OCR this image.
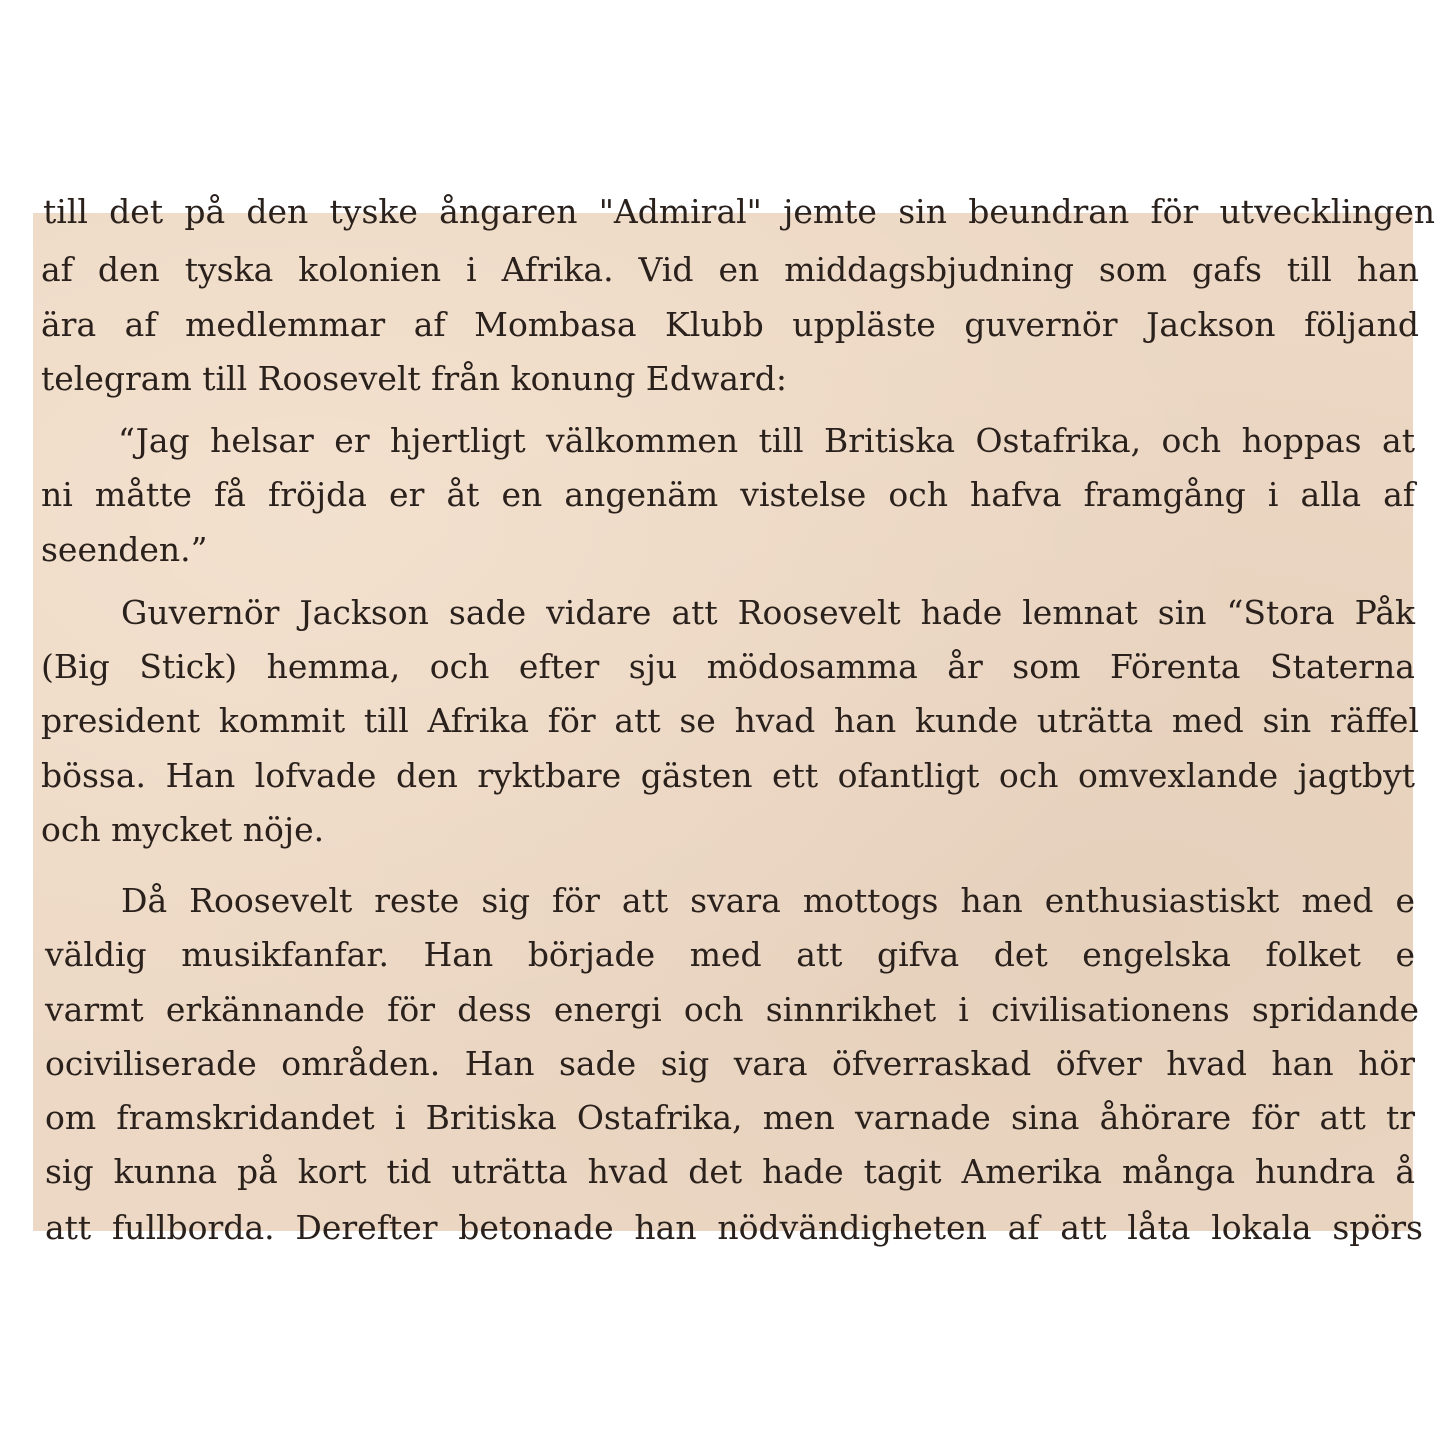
till det på den tyske ångaren "Admiral" jemte sin beundran för utvecklingen
af den tyska kolonien i Afrika. Vid en middagsbjudning som gafs till han
ära af medlemmar af Mombasa Klubb uppläste guvernör Jackson följand
telegram till Roosevelt från konung Edward:
“Jag helsar er hjertligt välkommen till Britiska Ostafrika, och hoppas at
ni måtte få fröjda er åt en angenäm vistelse och hafva framgång i alla af
seenden.”
Guvernör Jackson sade vidare att Roosevelt hade lemnat sin “Stora Påk
(Big Stick) hemma, och efter sju mödosamma år som Förenta Staterna
president kommit till Afrika för att se hvad han kunde uträtta med sin räffel
bössa. Han lofvade den ryktbare gästen ett ofantligt och omvexlande jagtbyt
och mycket nöje.
Då Roosevelt reste sig för att svara mottogs han enthusiastiskt med e
väldig musikfanfar. Han började med att gifva det engelska folket e
varmt erkännande för dess energi och sinnrikhet i civilisationens spridande
ociviliserade områden. Han sade sig vara öfverraskad öfver hvad han hör
om framskridandet i Britiska Ostafrika, men varnade sina åhörare för att tr
sig kunna på kort tid uträtta hvad det hade tagit Amerika många hundra å
att fullborda. Derefter betonade han nödvändigheten af att låta lokala spörs
